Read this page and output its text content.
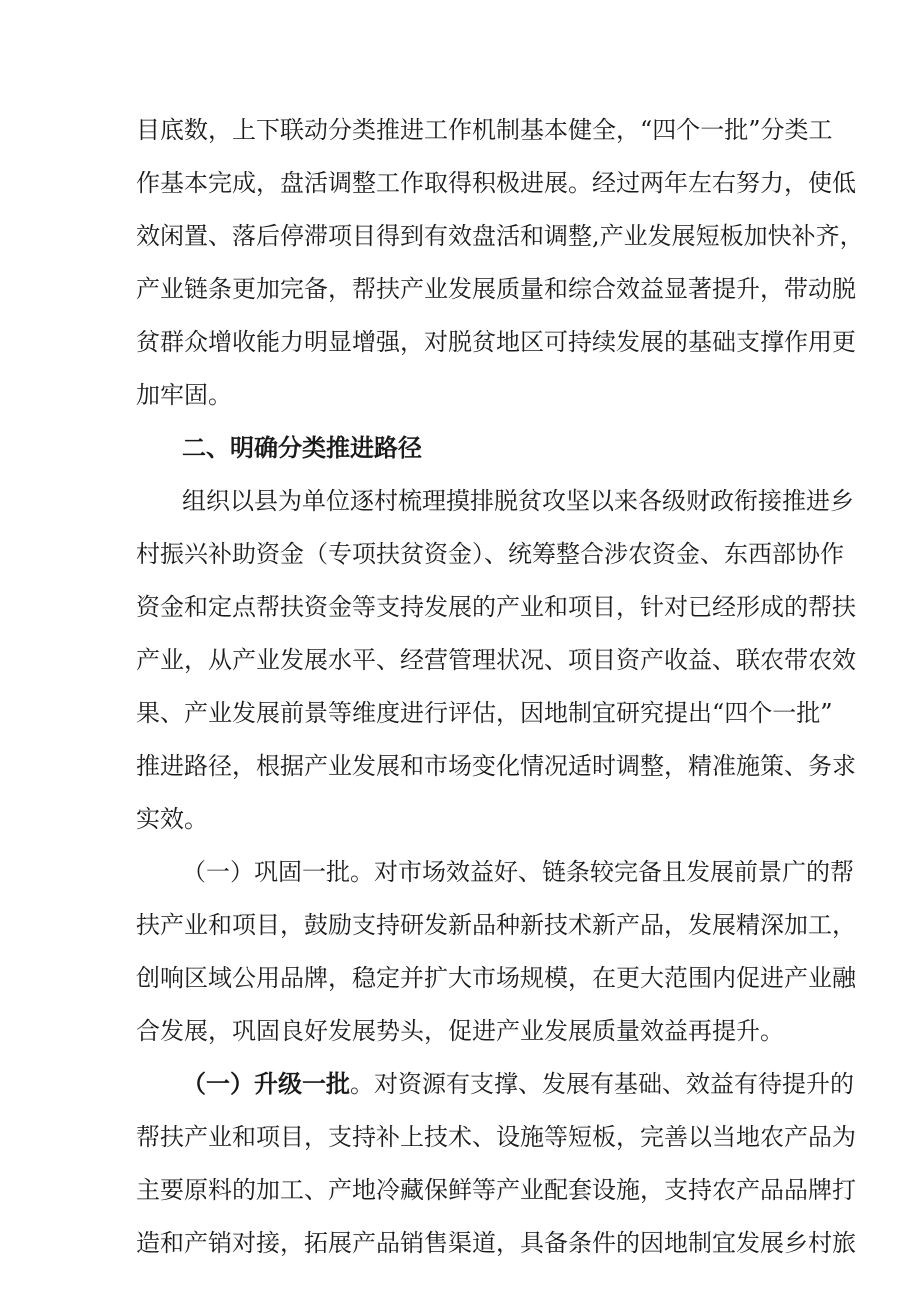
目底数，上下联动分类推进工作机制基本健全，“四个一批”分类工
作基本完成，盘活调整工作取得积极进展。经过两年左右努力，使低
效闲置、落后停滞项目得到有效盘活和调整,产业发展短板加快补齐，
产业链条更加完备，帮扶产业发展质量和综合效益显著提升，带动脱
贫群众增收能力明显增强，对脱贫地区可持续发展的基础支撑作用更
加牢固。
二、明确分类推进路径
组织以县为单位逐村梳理摸排脱贫攻坚以来各级财政衔接推进乡
村振兴补助资金（专项扶贫资金）、统筹整合涉农资金、东西部协作
资金和定点帮扶资金等支持发展的产业和项目，针对已经形成的帮扶
产业，从产业发展水平、经营管理状况、项目资产收益、联农带农效
果、产业发展前景等维度进行评估，因地制宜研究提出“四个一批”
推进路径，根据产业发展和市场变化情况适时调整，精准施策、务求
实效。
（一）巩固一批。对市场效益好、链条较完备且发展前景广的帮
扶产业和项目，鼓励支持研发新品种新技术新产品，发展精深加工，
创响区域公用品牌，稳定并扩大市场规模，在更大范围内促进产业融
合发展，巩固良好发展势头，促进产业发展质量效益再提升。
（一）升级一批。对资源有支撑、发展有基础、效益有待提升的
帮扶产业和项目，支持补上技术、设施等短板，完善以当地农产品为
主要原料的加工、产地冷藏保鲜等产业配套设施，支持农产品品牌打
造和产销对接，拓展产品销售渠道，具备条件的因地制宜发展乡村旅
